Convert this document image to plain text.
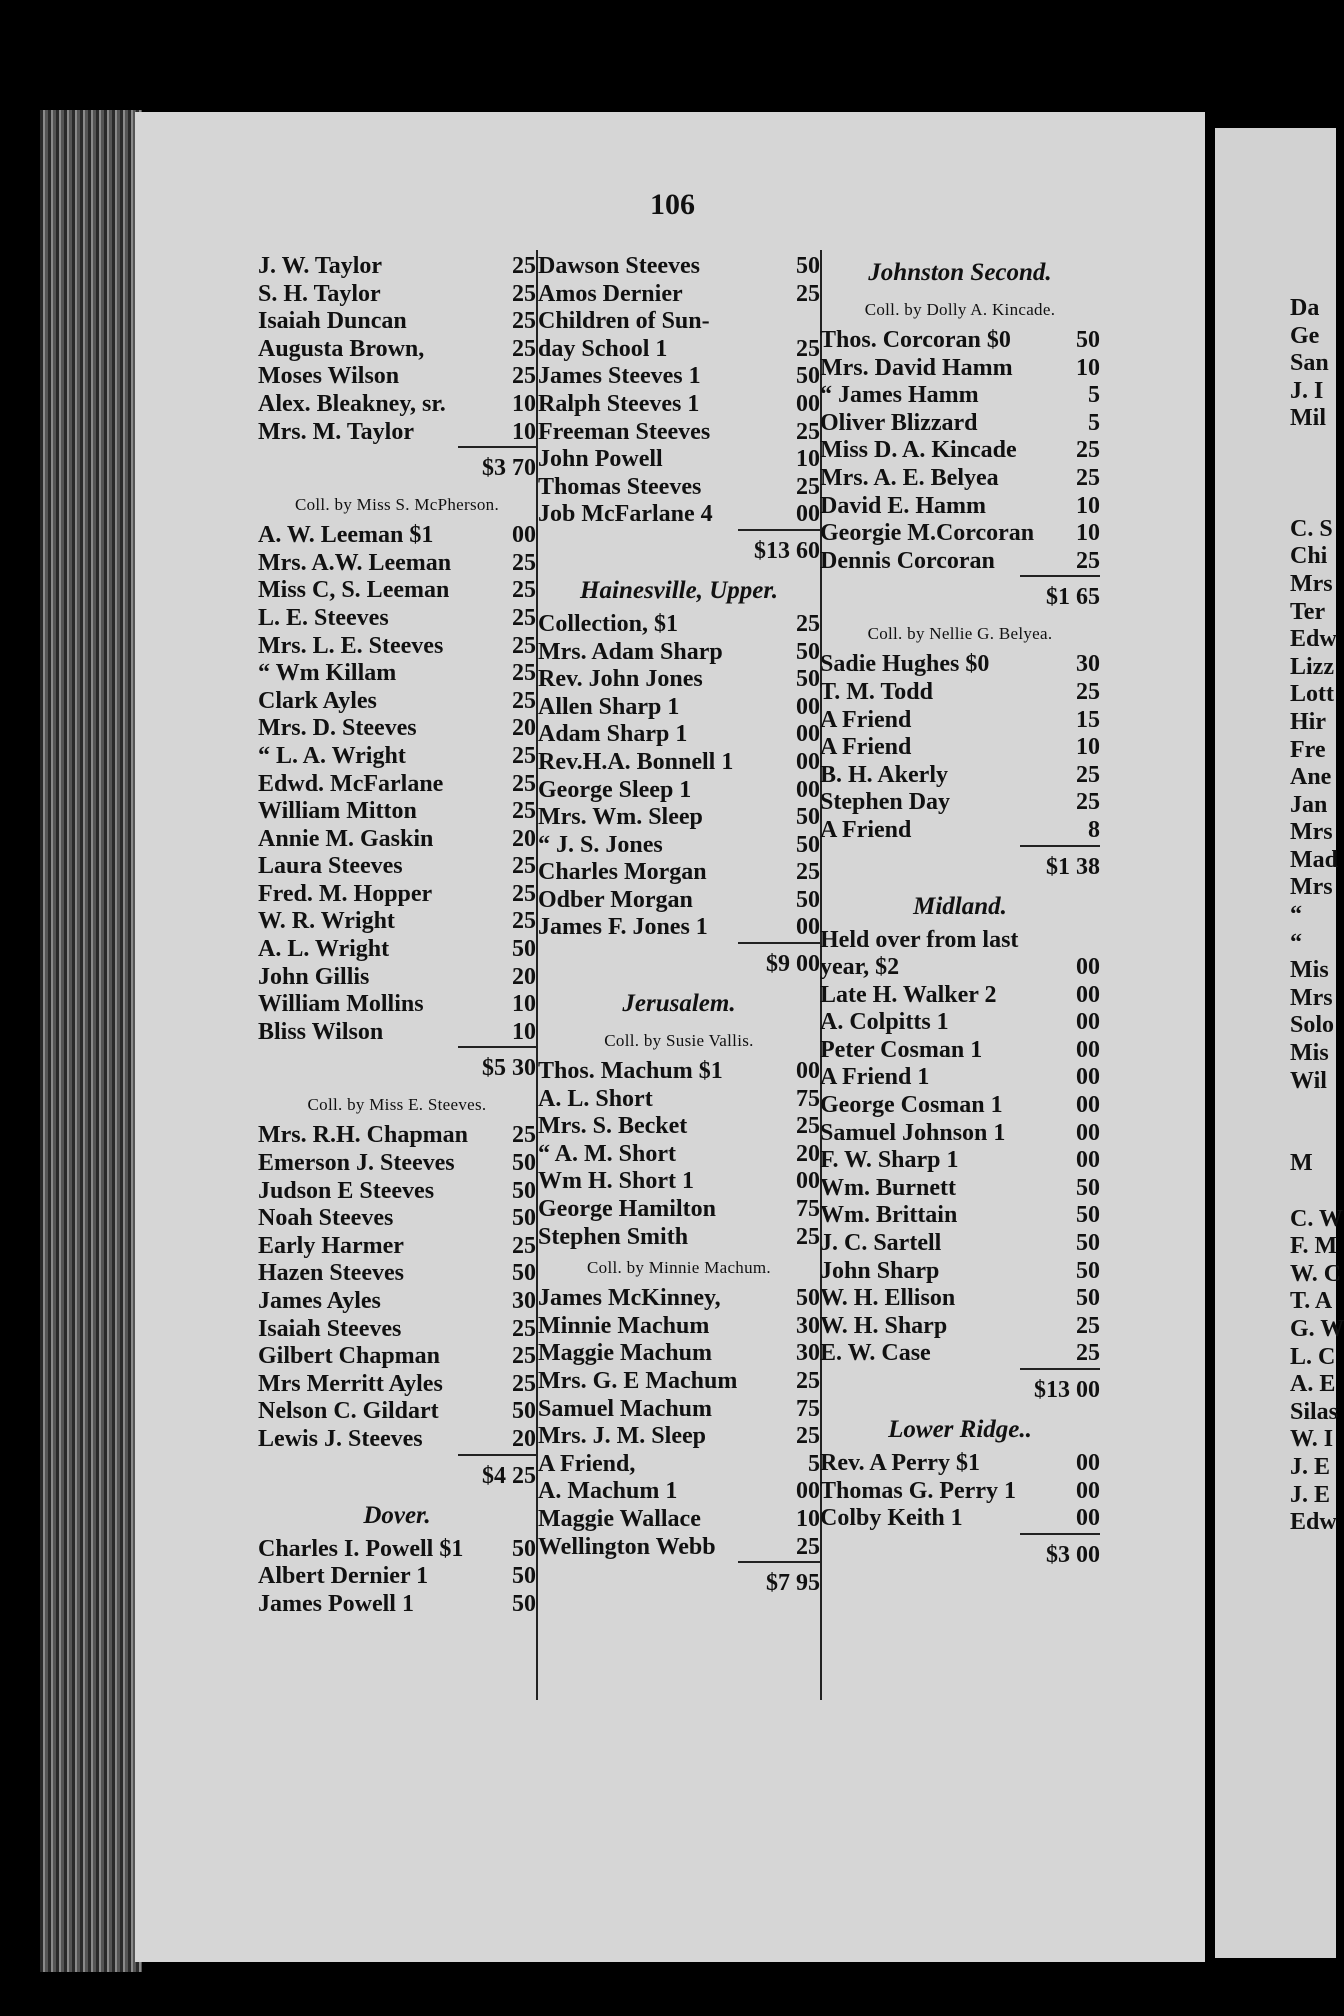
106
J. W. Taylor	25
S. H. Taylor	25
Isaiah Duncan	25
Augusta Brown,	25
Moses Wilson	25
Alex. Bleakney, sr.	10
Mrs. M. Taylor	10
$3 70
Coll. by Miss S. McPherson.
A. W. Leeman $1	00
Mrs. A.W. Leeman	25
Miss C, S. Leeman	25
L. E. Steeves	25
Mrs. L. E. Steeves	25
“ Wm Killam	25
Clark Ayles	25
Mrs. D. Steeves	20
“ L. A. Wright	25
Edwd. McFarlane	25
William Mitton	25
Annie M. Gaskin	20
Laura Steeves	25
Fred. M. Hopper	25
W. R. Wright	25
A. L. Wright	50
John Gillis	20
William Mollins	10
Bliss Wilson	10
$5 30
Coll. by Miss E. Steeves.
Mrs. R.H. Chapman 25
Emerson J. Steeves 50
Judson E Steeves	50
Noah Steeves	50
Early Harmer	25
Hazen Steeves	50
James Ayles	30
Isaiah Steeves	25
Gilbert Chapman	25
Mrs Merritt Ayles	25
Nelson C. Gildart	50
Lewis J. Steeves	20
$4 25
Dover.
Charles I. Powell $1 50
Albert Dernier 1	50
James Powell 1	50
Dawson Steeves	50
Amos Dernier	25
Children of Sun-
day School 1	25
James Steeves 1	50
Ralph Steeves 1	00
Freeman Steeves	25
John Powell	10
Thomas Steeves	25
Job McFarlane 4	00
$13 60
Hainesville, Upper.
Collection, $1	25
Mrs. Adam Sharp	50
Rev. John Jones	50
Allen Sharp 1	00
Adam Sharp 1	00
Rev.H.A. Bonnell 1	00
George Sleep 1	00
Mrs. Wm. Sleep	50
“ J. S. Jones	50
Charles Morgan	25
Odber Morgan	50
James F. Jones 1	00
$9 00
Jerusalem.
Coll. by Susie Vallis.
Thos. Machum $1	00
A. L. Short	75
Mrs. S. Becket	25
“ A. M. Short	20
Wm H. Short 1	00
George Hamilton	75
Stephen Smith	25
Coll. by Minnie Machum.
James McKinney,	50
Minnie Machum	30
Maggie Machum	30
Mrs. G. E Machum 25
Samuel Machum	75
Mrs. J. M. Sleep	25
A Friend,	5
A. Machum 1	00
Maggie Wallace	10
Wellington Webb	25
$7 95
Johnston Second.
Coll. by Dolly A. Kincade.
Thos. Corcoran $0	50
Mrs. David Hamm	10
“ James Hamm	5
Oliver Blizzard	5
Miss D. A. Kincade 25
Mrs. A. E. Belyea	25
David E. Hamm	10
Georgie M.Corcoran 10
Dennis Corcoran	25
$1 65
Coll. by Nellie G. Belyea.
Sadie Hughes $0	30
T. M. Todd	25
A Friend	15
A Friend	10
B. H. Akerly	25
Stephen Day	25
A Friend	8
$1 38
Midland.
Held over from last
year, $2	00
Late H. Walker 2	00
A. Colpitts 1	00
Peter Cosman 1	00
A Friend 1	00
George Cosman 1	00
Samuel Johnson 1	00
F. W. Sharp 1	00
Wm. Burnett	50
Wm. Brittain	50
J. C. Sartell	50
John Sharp	50
W. H. Ellison	50
W. H. Sharp	25
E. W. Case	25
$13 00
Lower Ridge..
Rev. A Perry $1	00
Thomas G. Perry 1	00
Colby Keith 1	00
$3 00
Da
Ge
San
J. I
Mil
C. S
Chi
Mrs
Ter
Edw
Lizz
Lott
Hir
Fre
Ane
Jan
Mrs
Mad
Mrs
“
“
Mis
Mrs
Solo
Mis
Wil
M
C. W
F. M
W. C
T. A
G. W
L. C
A. E
Silas
W. I
J. E
J. E
Edw
